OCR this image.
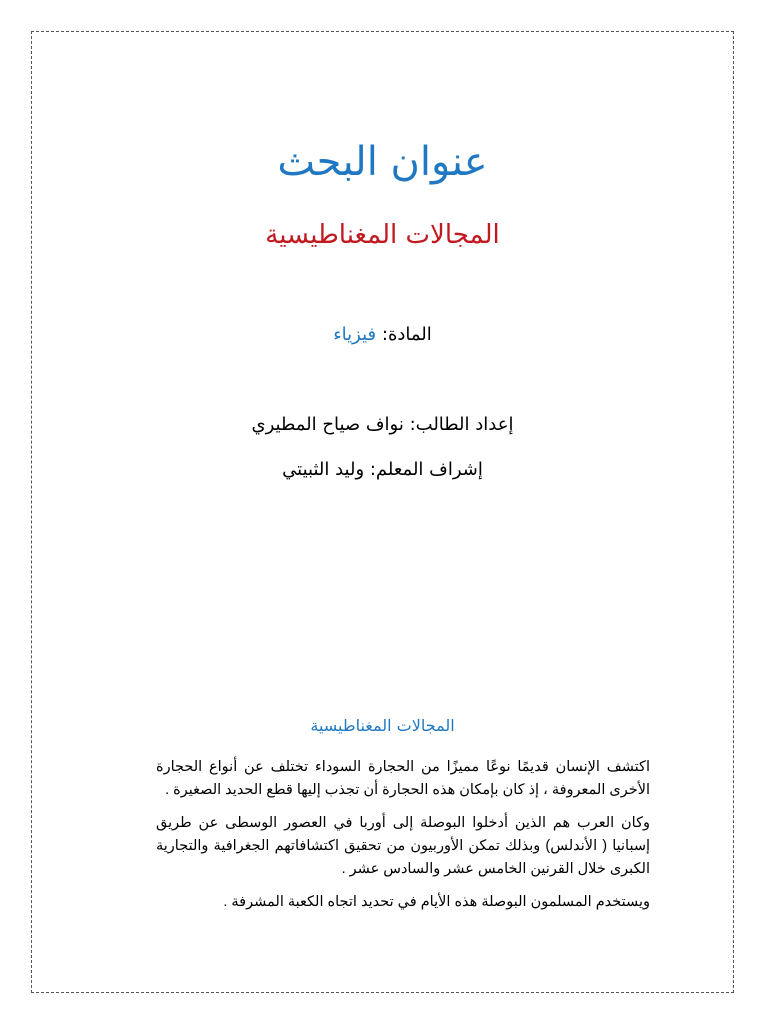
عنوان البحث
المجالات المغناطيسية
المادة: فيزياء
إعداد الطالب: نواف صياح المطيري
إشراف المعلم: وليد الثبيتي
المجالات المغناطيسية

اكتشف الإنسان قديمًا نوعًا مميزًا من الحجارة السوداء تختلف عن أنواع الحجارة الأخرى المعروفة ، إذ كان بإمكان هذه الحجارة أن تجذب إليها قطع الحديد الصغيرة .

وكان العرب هم الذين أدخلوا البوصلة إلى أوربا في العصور الوسطى عن طريق إسبانيا ( الأندلس) وبذلك تمكن الأوربيون من تحقيق اكتشافاتهم الجغرافية والتجارية الكبرى خلال القرنين الخامس عشر والسادس عشر .

ويستخدم المسلمون البوصلة هذه الأيام في تحديد اتجاه الكعبة المشرفة .
